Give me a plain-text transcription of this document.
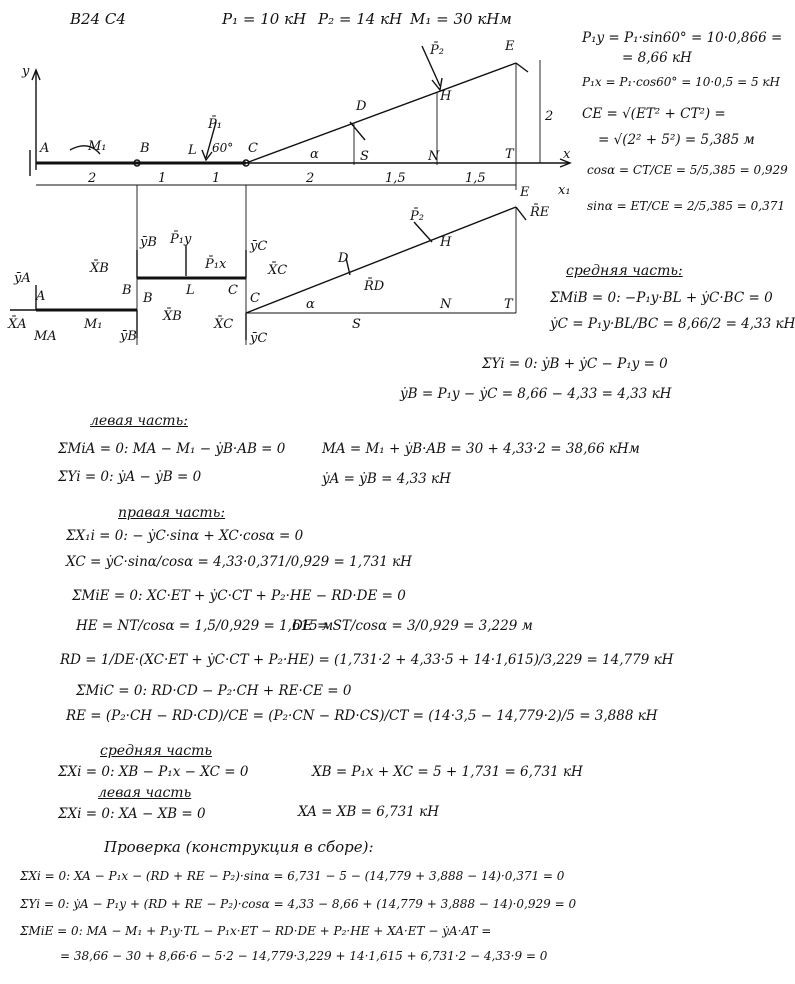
B24 C4	P₁ = 10 кН P₂ = 14 кН M₁ = 30 кНм
y
A	M₁	B	L
P̄₁
60° C	α
D
S	N
H
P̄₂	E
T
2
x
2	1	1	2	1,5	1,5
ȳA
A
X̄A
MA
M₁
B
X̄B
ȳB
ȳB
X̄B
B
P̄₁y
P̄₁x
L
ȳC
X̄C
C
C
X̄C
ȳC
D
R̄D
α
S
N	T
P̄₂
H
E x₁
R̄E
P₁y = P₁·sin60° = 10·0,866 =
= 8,66 кН
P₁x = P₁·cos60° = 10·0,5 = 5 кН
CE = √(ET² + CT²) =
= √(2² + 5²) = 5,385 м
cosα = CT/CE = 5/5,385 = 0,929
sinα = ET/CE = 2/5,385 = 0,371
средняя часть:
ΣMiB = 0: −P₁y·BL + ẏC·BC = 0
ẏC = P₁y·BL/BC = 8,66/2 = 4,33 кН
ΣYi = 0: ẏB + ẏC − P₁y = 0
ẏB = P₁y − ẏC = 8,66 − 4,33 = 4,33 кН
левая часть:
ΣMiA = 0: MA − M₁ − ẏB·AB = 0	MA = M₁ + ẏB·AB = 30 + 4,33·2 = 38,66 кНм
ΣYi = 0: ẏA − ẏB = 0	ẏA = ẏB = 4,33 кН
правая часть:
ΣX₁i = 0: − ẏC·sinα + XC·cosα = 0
XC = ẏC·sinα/cosα = 4,33·0,371/0,929 = 1,731 кН
ΣMiE = 0: XC·ET + ẏC·CT + P₂·HE − RD·DE = 0
HE = NT/cosα = 1,5/0,929 = 1,615 м
DE = ST/cosα = 3/0,929 = 3,229 м
RD = 1/DE·(XC·ET + ẏC·CT + P₂·HE) = (1,731·2 + 4,33·5 + 14·1,615)/3,229 = 14,779 кН
ΣMiC = 0: RD·CD − P₂·CH + RE·CE = 0
RE = (P₂·CH − RD·CD)/CE = (P₂·CN − RD·CS)/CT = (14·3,5 − 14,779·2)/5 = 3,888 кН
средняя часть
ΣXi = 0: XB − P₁x − XC = 0	XB = P₁x + XC = 5 + 1,731 = 6,731 кН
левая часть
ΣXi = 0: XA − XB = 0	XA = XB = 6,731 кН
Проверка (конструкция в сборе):
ΣXi = 0: XA − P₁x − (RD + RE − P₂)·sinα = 6,731 − 5 − (14,779 + 3,888 − 14)·0,371 = 0
ΣYi = 0: ẏA − P₁y + (RD + RE − P₂)·cosα = 4,33 − 8,66 + (14,779 + 3,888 − 14)·0,929 = 0
ΣMiE = 0: MA − M₁ + P₁y·TL − P₁x·ET − RD·DE + P₂·HE + XA·ET − ẏA·AT =
= 38,66 − 30 + 8,66·6 − 5·2 − 14,779·3,229 + 14·1,615 + 6,731·2 − 4,33·9 = 0
